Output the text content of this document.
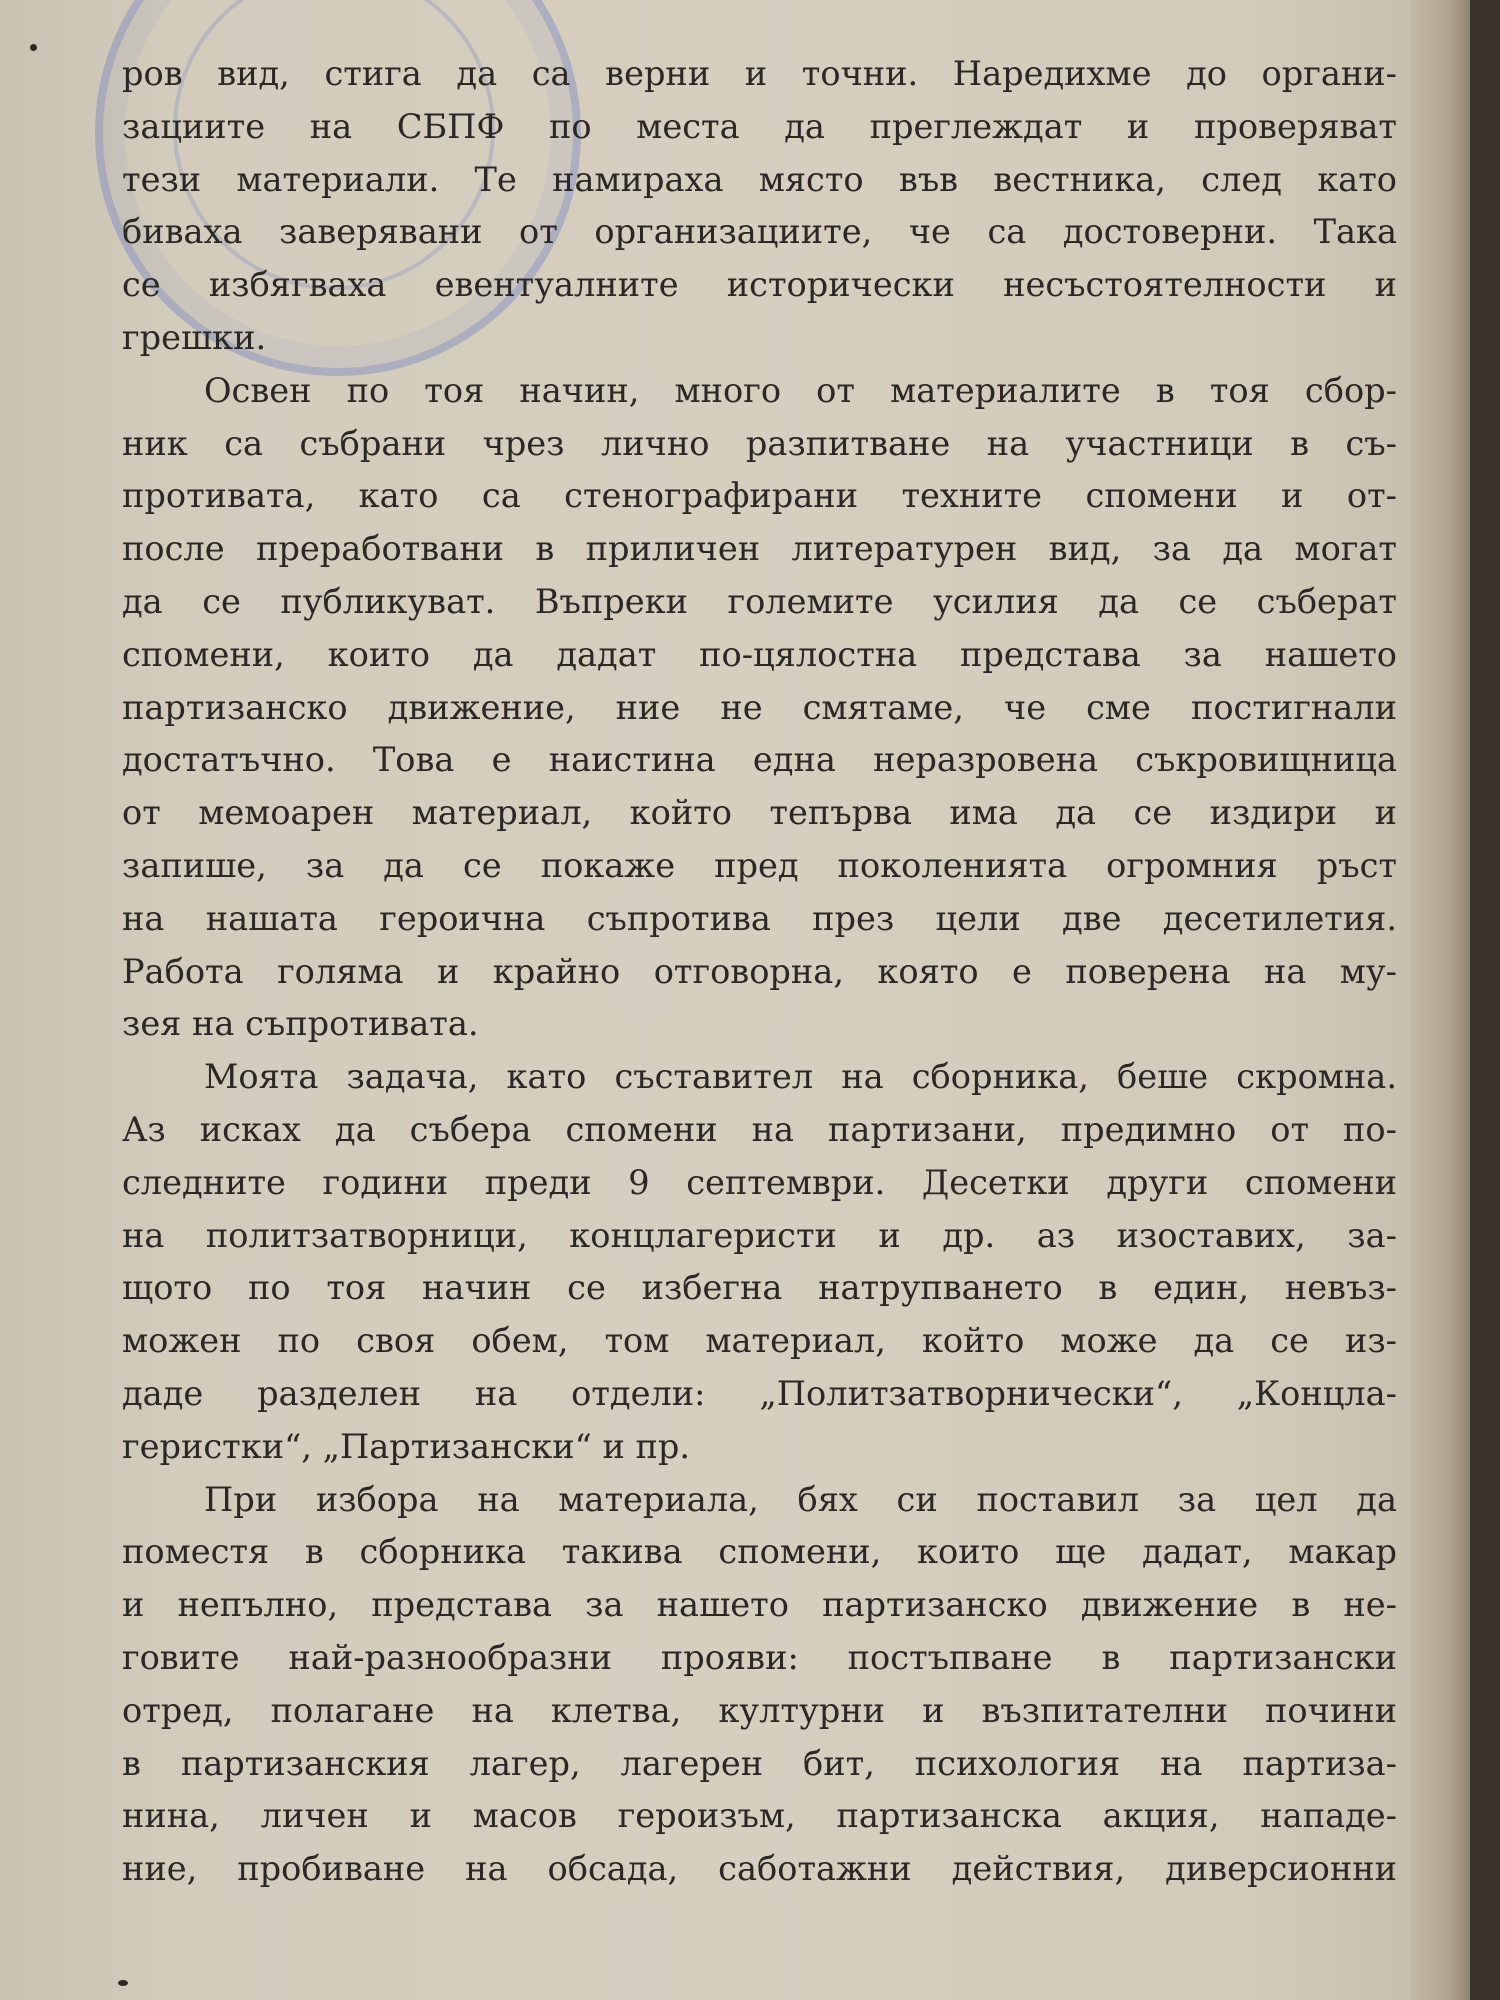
ров вид, стига да са верни и точни. Наредихме до органи-
зациите на СБПФ по места да преглеждат и проверяват
тези материали. Те намираха място във вестника, след като
биваха заверявани от организациите, че са достоверни. Така
се избягваха евентуалните исторически несъстоятелности и
грешки.
Освен по тоя начин, много от материалите в тоя сбор-
ник са събрани чрез лично разпитване на участници в съ-
противата, като са стенографирани техните спомени и от-
после преработвани в приличен литературен вид, за да могат
да се публикуват. Въпреки големите усилия да се съберат
спомени, които да дадат по-цялостна представа за нашето
партизанско движение, ние не смятаме, че сме постигнали
достатъчно. Това е наистина една неразровена съкровищница
от мемоарен материал, който тепърва има да се издири и
запише, за да се покаже пред поколенията огромния ръст
на нашата героична съпротива през цели две десетилетия.
Работа голяма и крайно отговорна, която е поверена на му-
зея на съпротивата.
Моята задача, като съставител на сборника, беше скромна.
Аз исках да събера спомени на партизани, предимно от по-
следните години преди 9 септември. Десетки други спомени
на политзатворници, концлагеристи и др. аз изоставих, за-
щото по тоя начин се избегна натрупването в един, невъз-
можен по своя обем, том материал, който може да се из-
даде разделен на отдели: „Политзатворнически“, „Концла-
геристки“, „Партизански“ и пр.
При избора на материала, бях си поставил за цел да
поместя в сборника такива спомени, които ще дадат, макар
и непълно, представа за нашето партизанско движение в не-
говите най-разнообразни прояви: постъпване в партизански
отред, полагане на клетва, културни и възпитателни почини
в партизанския лагер, лагерен бит, психология на партиза-
нина, личен и масов героизъм, партизанска акция, нападе-
ние, пробиване на обсада, саботажни действия, диверсионни
